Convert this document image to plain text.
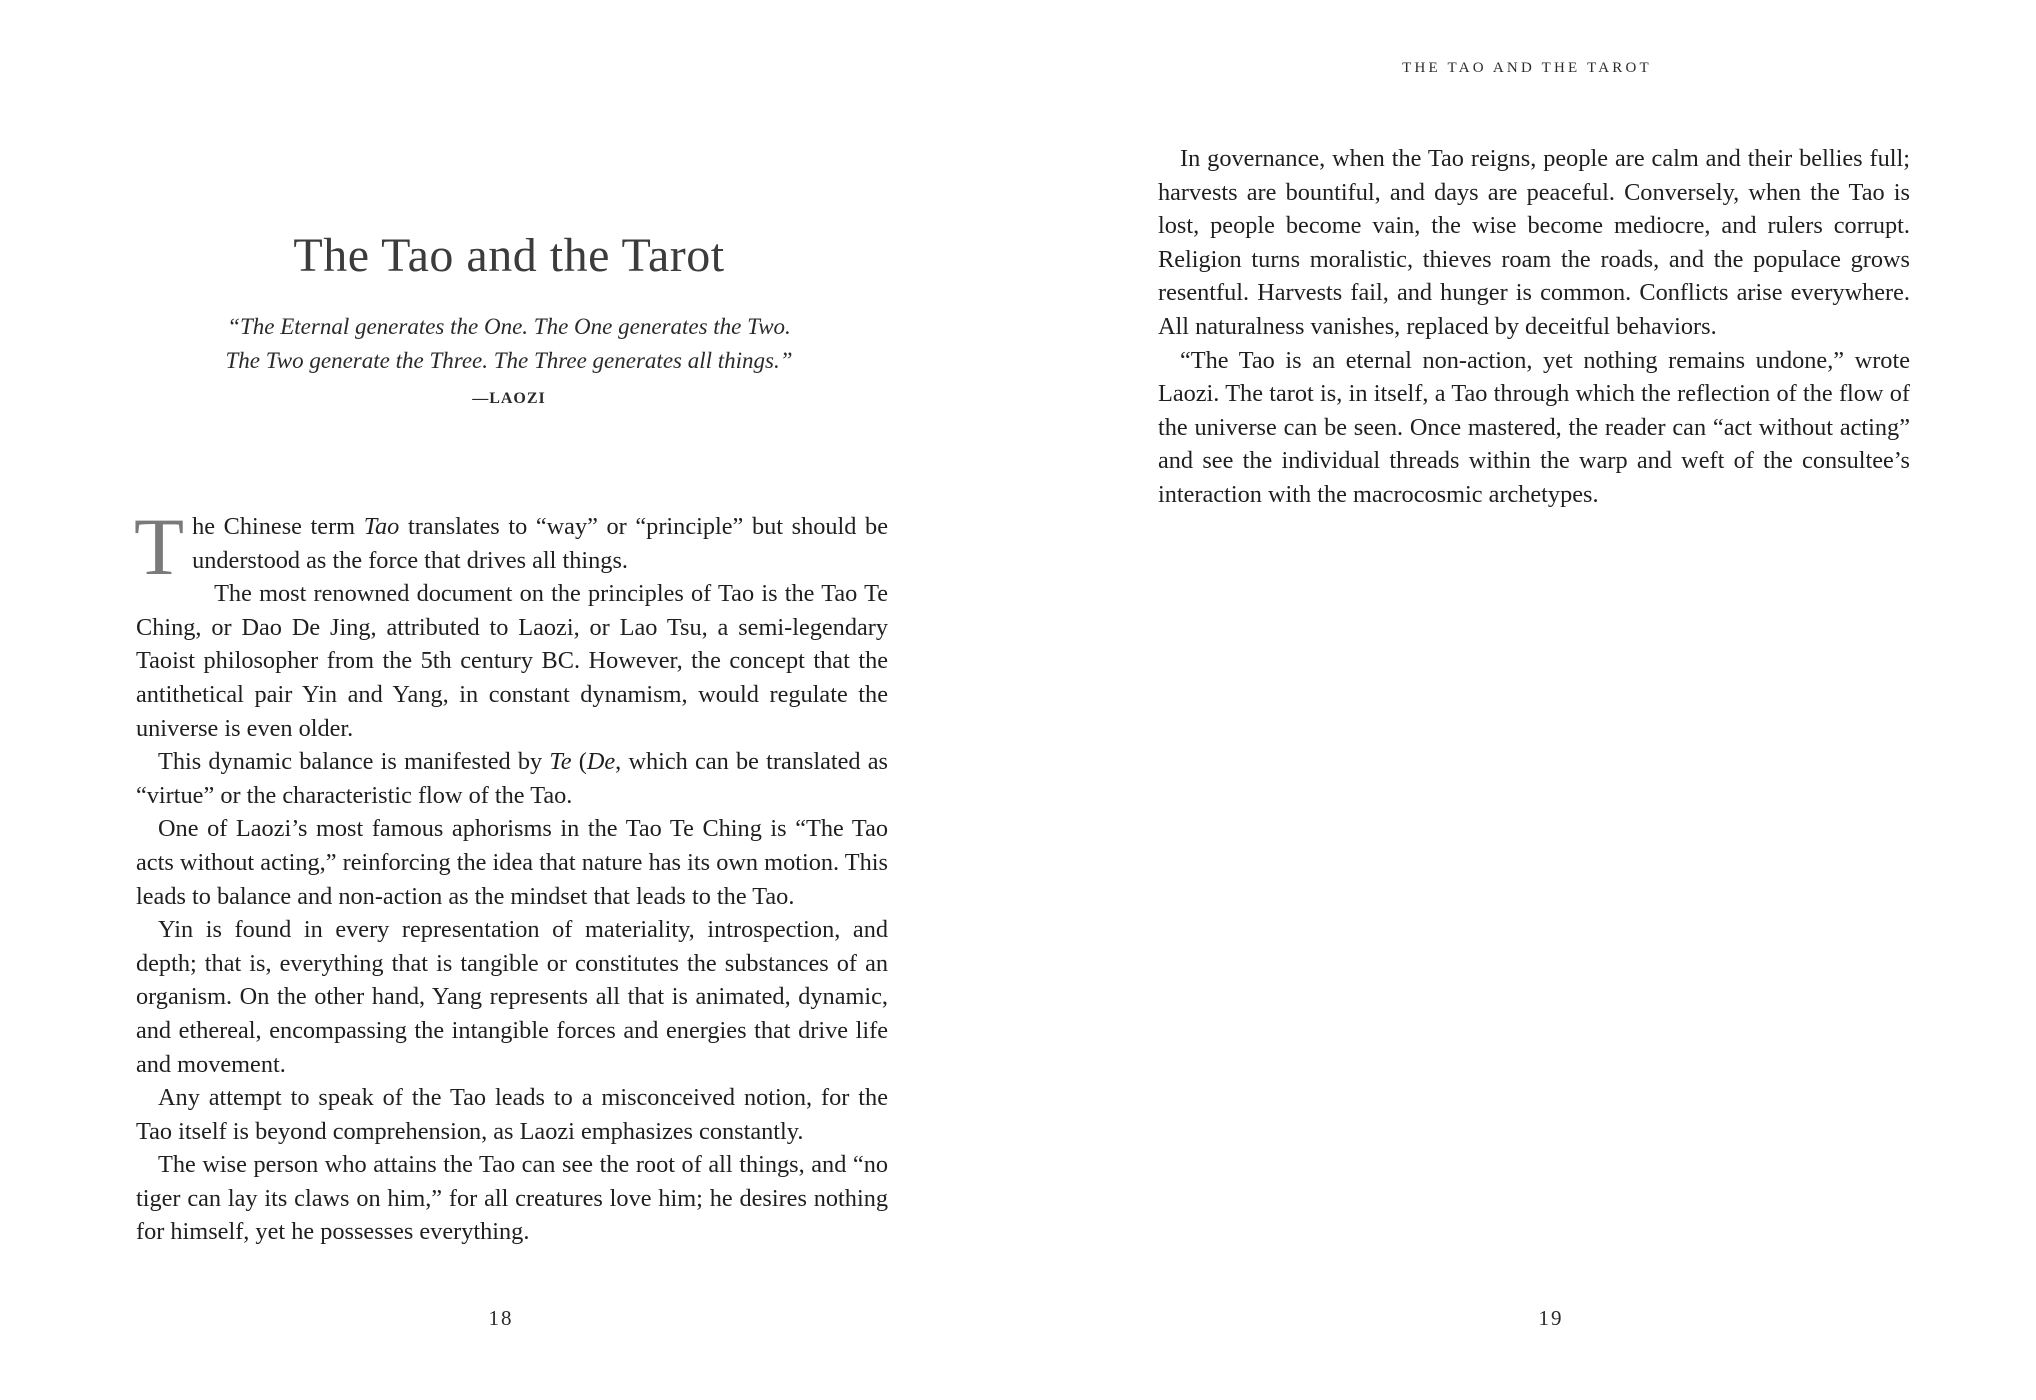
The Tao and the Tarot
“The Eternal generates the One. The One generates the Two.
The Two generate the Three. The Three generates all things.”
—LAOZI

The Chinese term Tao translates to “way” or “principle” but should be understood as the force that drives all things.

The most renowned document on the principles of Tao is the Tao Te Ching, or Dao De Jing, attributed to Laozi, or Lao Tsu, a semi-legendary Taoist philosopher from the 5th century BC. However, the concept that the antithetical pair Yin and Yang, in constant dynamism, would regulate the universe is even older.

This dynamic balance is manifested by Te (De, which can be translated as “virtue” or the characteristic flow of the Tao.

One of Laozi’s most famous aphorisms in the Tao Te Ching is “The Tao acts without acting,” reinforcing the idea that nature has its own motion. This leads to balance and non-action as the mindset that leads to the Tao.

Yin is found in every representation of materiality, introspection, and depth; that is, everything that is tangible or constitutes the substances of an organism. On the other hand, Yang represents all that is animated, dynamic, and ethereal, encompassing the intangible forces and energies that drive life and movement.

Any attempt to speak of the Tao leads to a misconceived notion, for the Tao itself is beyond comprehension, as Laozi emphasizes constantly.

The wise person who attains the Tao can see the root of all things, and “no tiger can lay its claws on him,” for all creatures love him; he desires nothing for himself, yet he possesses everything.

18
THE TAO AND THE TAROT

In governance, when the Tao reigns, people are calm and their bellies full; harvests are bountiful, and days are peaceful. Conversely, when the Tao is lost, people become vain, the wise become mediocre, and rulers corrupt. Religion turns moralistic, thieves roam the roads, and the populace grows resentful. Harvests fail, and hunger is common. Conflicts arise everywhere. All naturalness vanishes, replaced by deceitful behaviors.

“The Tao is an eternal non-action, yet nothing remains undone,” wrote Laozi. The tarot is, in itself, a Tao through which the reflection of the flow of the universe can be seen. Once mastered, the reader can “act without acting” and see the individual threads within the warp and weft of the consultee’s interaction with the macrocosmic archetypes.

19
